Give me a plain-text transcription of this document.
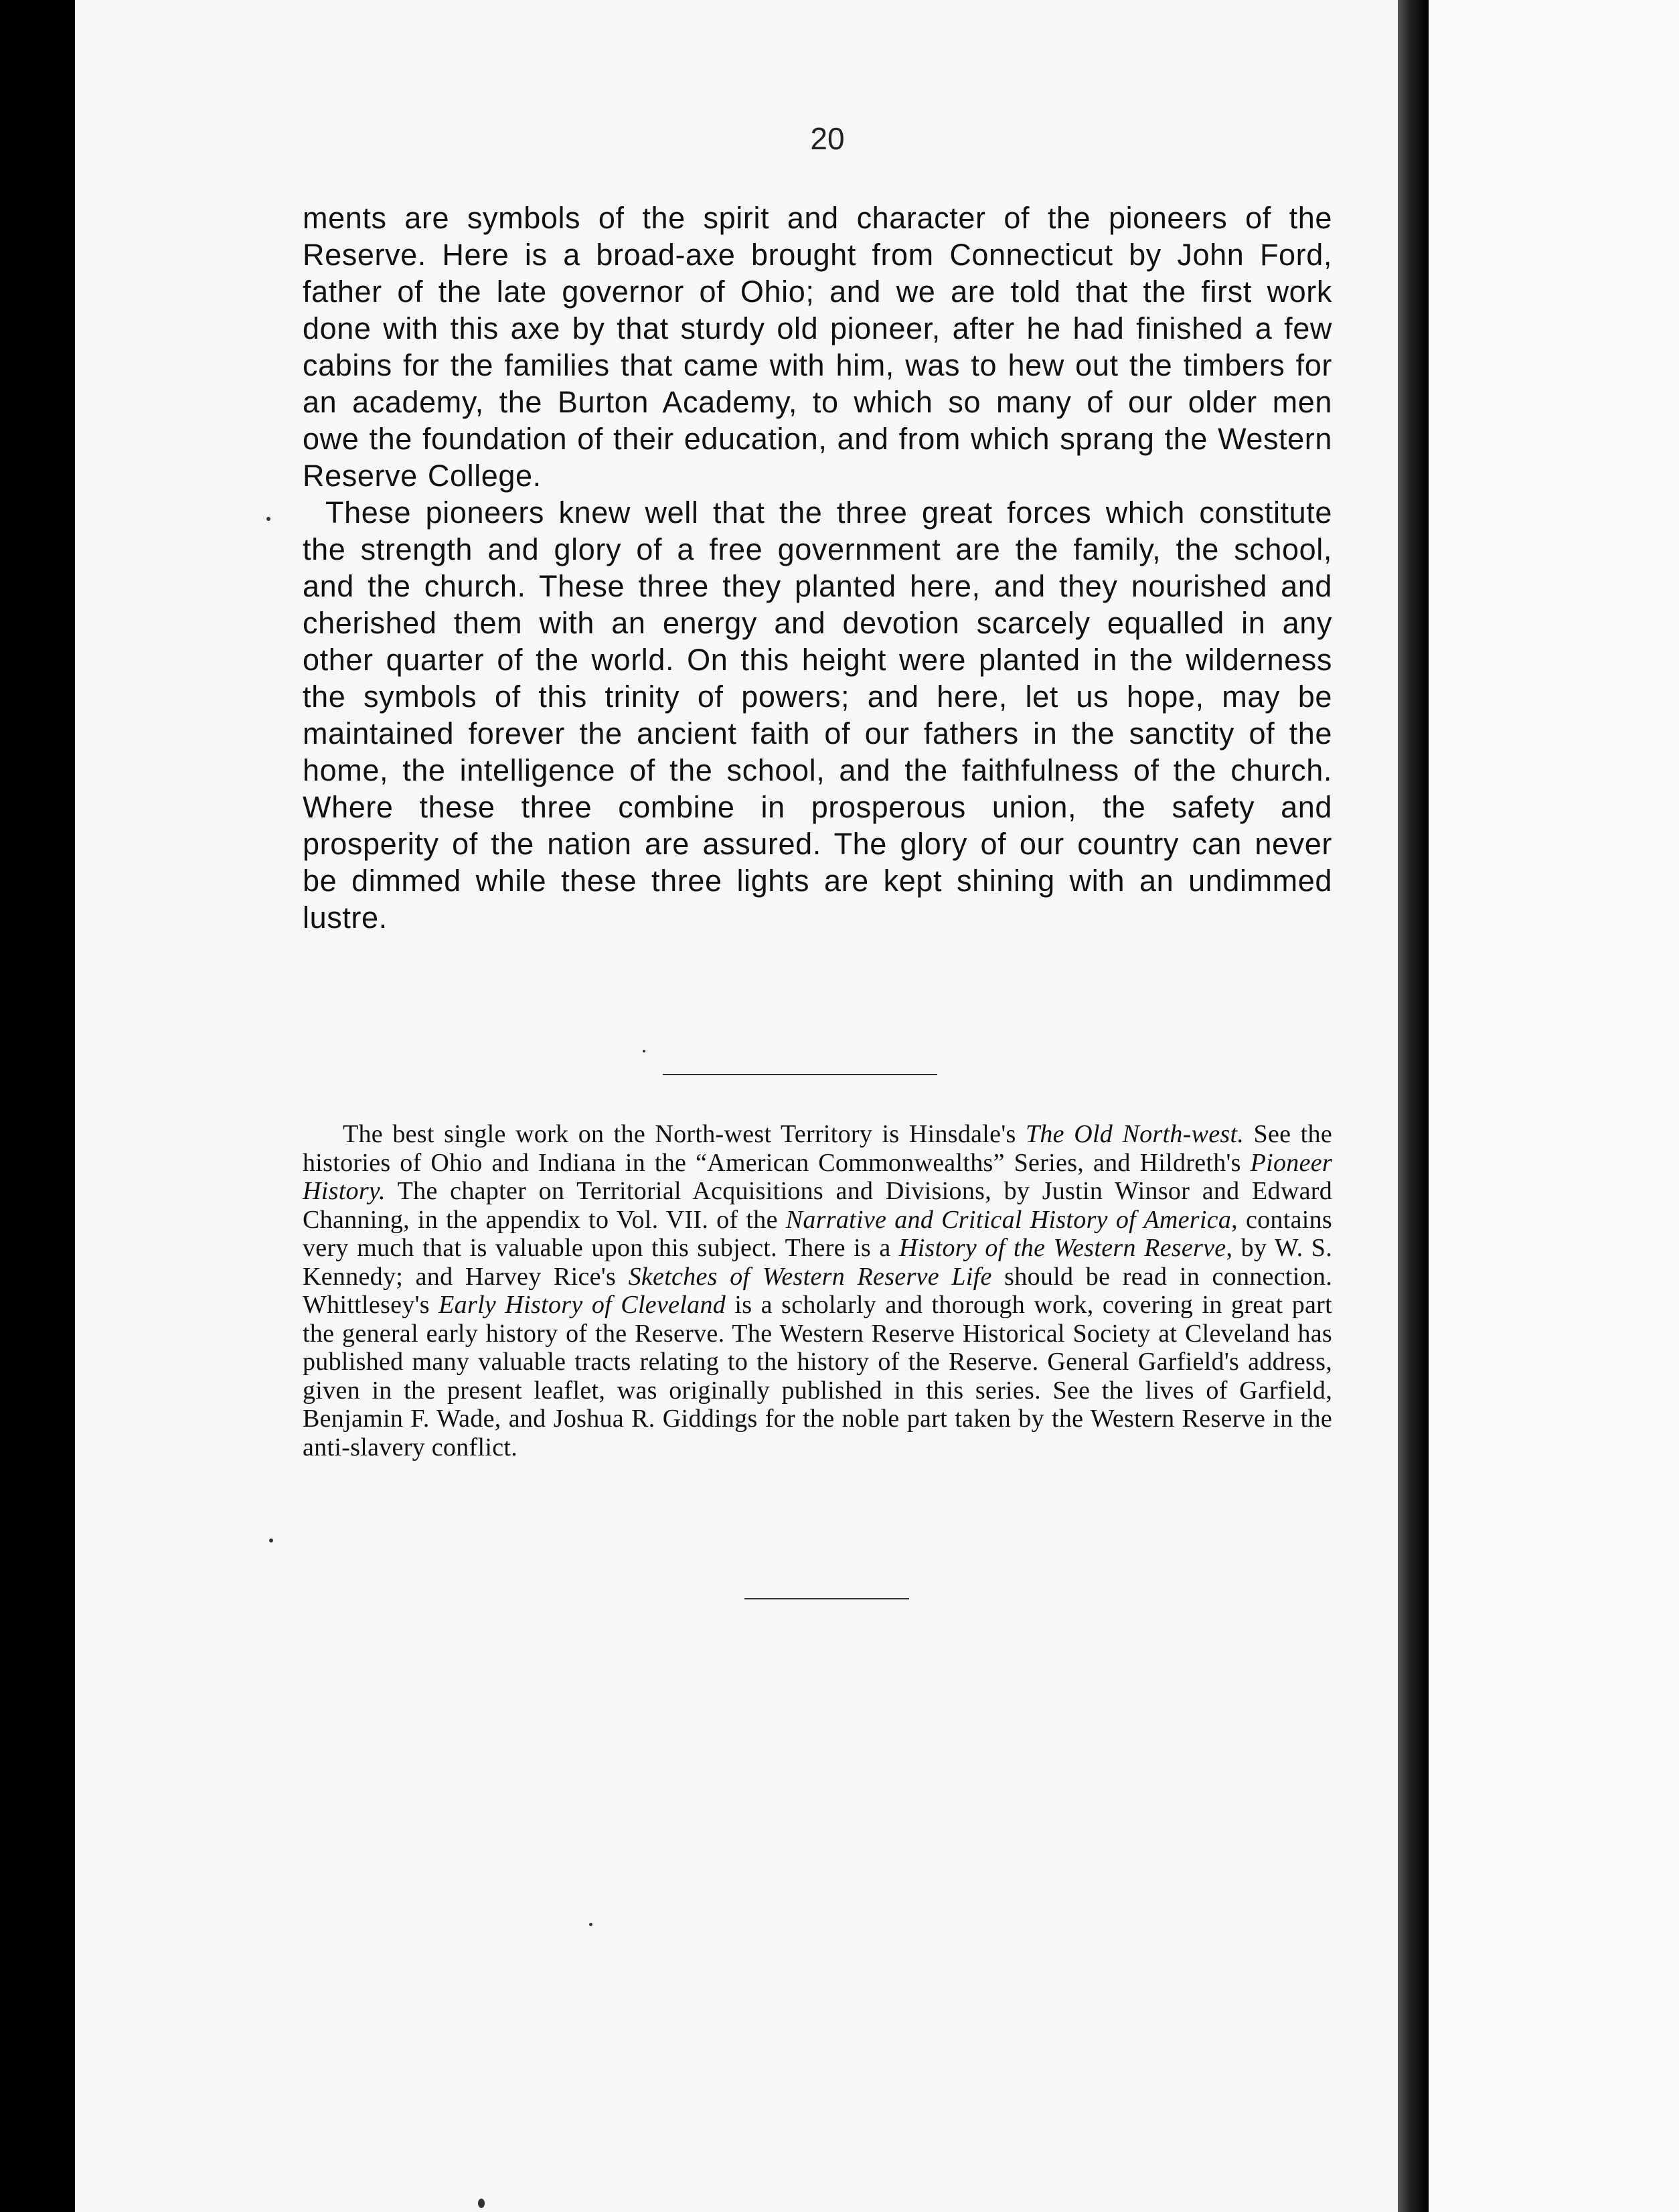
20

ments are symbols of the spirit and character of the pioneers of the Reserve. Here is a broad-axe brought from Connecticut by John Ford, father of the late governor of Ohio; and we are told that the first work done with this axe by that sturdy old pioneer, after he had finished a few cabins for the families that came with him, was to hew out the timbers for an academy, the Burton Academy, to which so many of our older men owe the foundation of their education, and from which sprang the Western Reserve College.

These pioneers knew well that the three great forces which constitute the strength and glory of a free government are the family, the school, and the church. These three they planted here, and they nourished and cherished them with an energy and devotion scarcely equalled in any other quarter of the world. On this height were planted in the wilderness the symbols of this trinity of powers; and here, let us hope, may be maintained forever the ancient faith of our fathers in the sanctity of the home, the intelligence of the school, and the faithfulness of the church. Where these three combine in prosperous union, the safety and prosperity of the nation are assured. The glory of our country can never be dimmed while these three lights are kept shining with an undimmed lustre.

The best single work on the North-west Territory is Hinsdale's The Old North-west. See the histories of Ohio and Indiana in the “American Commonwealths” Series, and Hildreth's Pioneer History. The chapter on Territorial Acquisitions and Divisions, by Justin Winsor and Edward Channing, in the appendix to Vol. VII. of the Narrative and Critical History of America, contains very much that is valuable upon this subject. There is a History of the Western Reserve, by W. S. Kennedy; and Harvey Rice's Sketches of Western Reserve Life should be read in connection. Whittlesey's Early History of Cleveland is a scholarly and thorough work, covering in great part the general early history of the Reserve. The Western Reserve Historical Society at Cleveland has published many valuable tracts relating to the history of the Reserve. General Garfield's address, given in the present leaflet, was originally published in this series. See the lives of Garfield, Benjamin F. Wade, and Joshua R. Giddings for the noble part taken by the Western Reserve in the anti-slavery conflict.
